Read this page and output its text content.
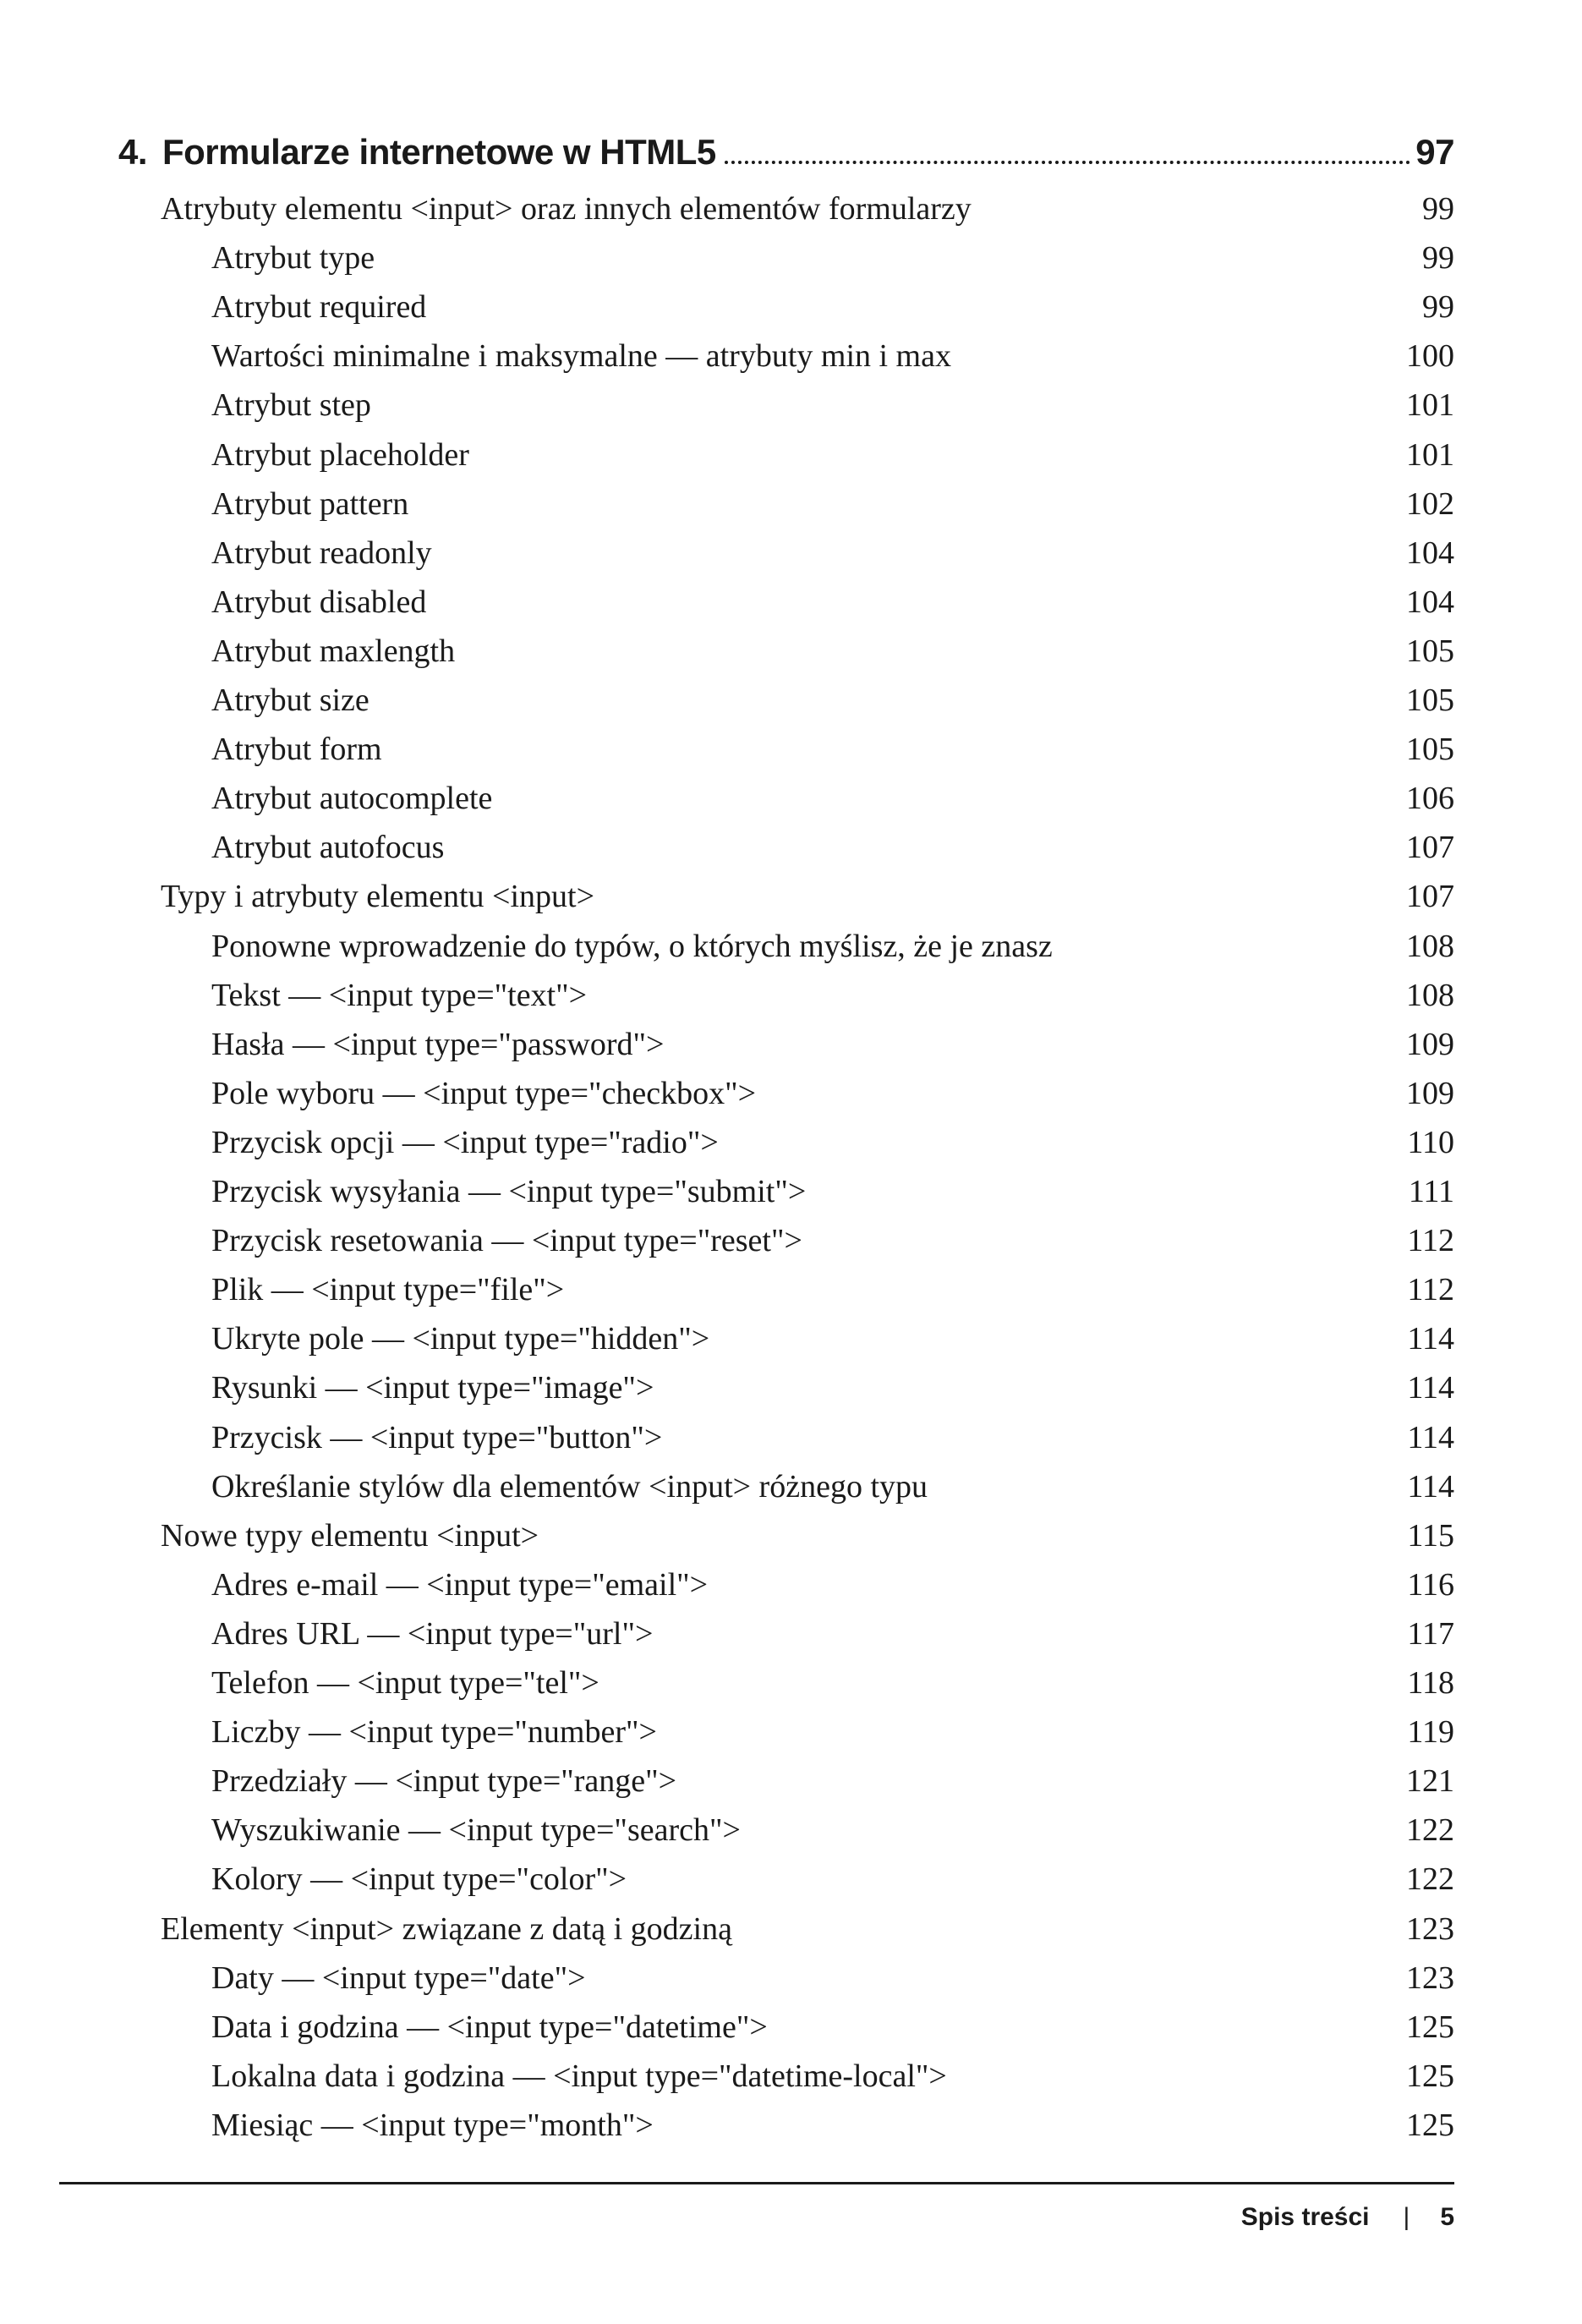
4. Formularze internetowe w HTML5	97
Atrybuty elementu <input> oraz innych elementów formularzy	99
Atrybut type	99
Atrybut required	99
Wartości minimalne i maksymalne — atrybuty min i max	100
Atrybut step	101
Atrybut placeholder	101
Atrybut pattern	102
Atrybut readonly	104
Atrybut disabled	104
Atrybut maxlength	105
Atrybut size	105
Atrybut form	105
Atrybut autocomplete	106
Atrybut autofocus	107
Typy i atrybuty elementu <input>	107
Ponowne wprowadzenie do typów, o których myślisz, że je znasz	108
Tekst — <input type="text">	108
Hasła — <input type="password">	109
Pole wyboru — <input type="checkbox">	109
Przycisk opcji — <input type="radio">	110
Przycisk wysyłania — <input type="submit">	111
Przycisk resetowania — <input type="reset">	112
Plik — <input type="file">	112
Ukryte pole — <input type="hidden">	114
Rysunki — <input type="image">	114
Przycisk — <input type="button">	114
Określanie stylów dla elementów <input> różnego typu	114
Nowe typy elementu <input>	115
Adres e-mail — <input type="email">	116
Adres URL — <input type="url">	117
Telefon — <input type="tel">	118
Liczby — <input type="number">	119
Przedziały — <input type="range">	121
Wyszukiwanie — <input type="search">	122
Kolory — <input type="color">	122
Elementy <input> związane z datą i godziną	123
Daty — <input type="date">	123
Data i godzina — <input type="datetime">	125
Lokalna data i godzina — <input type="datetime-local">	125
Miesiąc — <input type="month">	125
Spis treści | 5
